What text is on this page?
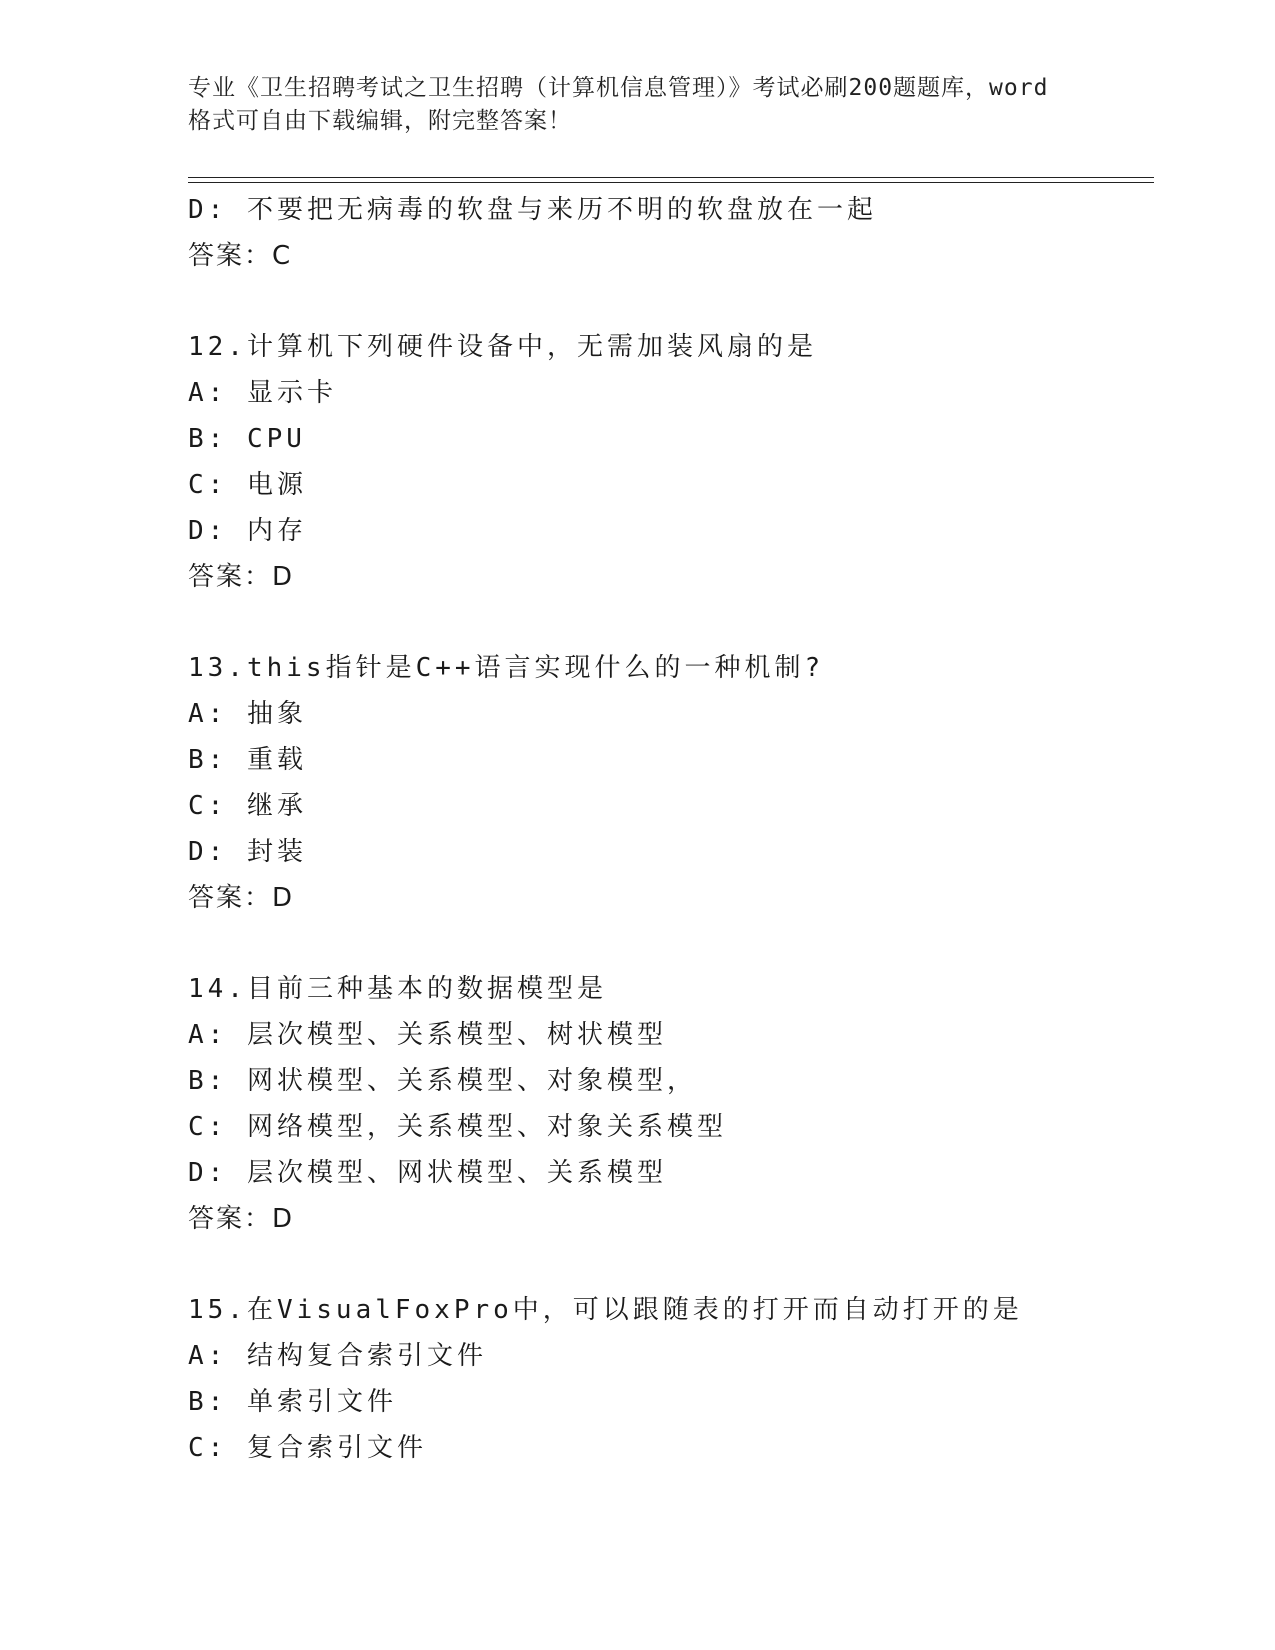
专业《卫生招聘考试之卫生招聘（计算机信息管理）》考试必刷200题题库，word
格式可自由下载编辑，附完整答案！
D: 不要把无病毒的软盘与来历不明的软盘放在一起
答案：C
12.计算机下列硬件设备中，无需加装风扇的是
A: 显示卡
B: CPU
C: 电源
D: 内存
答案：D
13.this指针是C++语言实现什么的一种机制?
A: 抽象
B: 重载
C: 继承
D: 封装
答案：D
14.目前三种基本的数据模型是
A: 层次模型、关系模型、树状模型
B: 网状模型、关系模型、对象模型，
C: 网络模型，关系模型、对象关系模型
D: 层次模型、网状模型、关系模型
答案：D
15.在VisualFoxPro中，可以跟随表的打开而自动打开的是
A: 结构复合索引文件
B: 单索引文件
C: 复合索引文件
